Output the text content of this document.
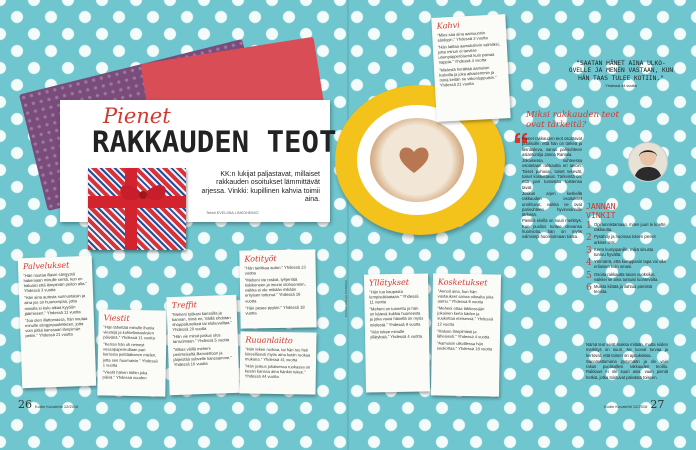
Kahvi

"Mies saa aina aamuunnin sänkyyn." Yhdessä 3 vuotta

"Hän laittaa aamukahvin valmiiksi, jotta minun ei tarvitse unenpöpperöisenä kuin painaa nappia." Yhdessä 4 vuotta

"Mielestä herättää aamuisin kahvilla ja joka aikaisemmin ja minä keitän ne viikonloppuisin." Yhdessä 21 vuotta

Pienet
RAKKAUDEN TEOT
KK:n lukijat paljastavat, millaiset rakkauden osoitukset lämmittävät arjessa. Vinkki: kupillinen kahvia toimii aina.
Teksti EVELIINA LINKOHEIMO
KUVA KUVALEHTI/ANNIKA
Palvelukset

"Hän noutaa illasin sängystä hakemaan minulle sentä, kun en haluaisi että lämpimän peiton alta." Yhdessä 3 vuotta

"Hän aina autosta sunnuntaisin ja aina jos on huonompaa, jotta minulla ei kulu aikaa kyyöön jäämiseen." Yhdessä 11 vuotta

"Joa olen illattomassa, hän noutaa minulle sängynpuolekkeen, jotta voin pitää kanssaan lämpimän petiin." Yhdessä 21 vuotta

Viestit

"Hän lähettää minulle ihania viestejä ja kohteliaisuuksien päivänä." Yhdessä 11 vuotta

"Kerran hän oli neinnyt vessapaperirullaan pari kerrosta peittääkseen mielen, jotta sen huomaisin." Yhdessä 1 vuotta

"Viestit hänen töihin joka päivä." Yhdessä vuoden

Treffit

"Meheni työkasi kanssilla ja kannan, minä en, Väillä ehdotan shoppailuretkeä tai elokuvailtaa." Yhdessä 20 vuotta

"Hän vie minut joskus ulos tanssimaan." Yhdessä 5 vuotta

"Vilkas väillä meheni perinteiseltä illanviettoon ja järjeistää subvelle kanssamme." Yhdessä 10 vuotta

Kotityöt

"Hän tankkaa auton." Yhdessä 23 vuotta

"Meheni vie roskat, tyhjentää tiskikoneen ja imuroi olohuoneen, vaikka ei ole mikään mikään erityisen tottunut." Yhdessä 16 vuotta

"Hän pesee pyykin." Yhdessä 18 vuotta

Ruuanlaitto

"Hän tekee ruokaa, tai hän tuo heti kiireellisesti myös aina kotiin ruokaa mukana." Yhdessä 41 vuotta

"Hän joskus jokaisessa ruokassa on kesän kanssa aina hänkin tekee." Yhdessä 44 vuotta

Yllätykset

"Hän tuo kaupasta lempisuklaataan." Yhdessä 11 vuotta

"Meheni on tunnettu ja hän on kätevä kukkia huoneesta ja joka vuosi hänellä on myös mielestä." Yhdessä 9 vuotta

"Hän tekee minulle yllätyksiä." Yhdessä 4 vuotta

Kosketukset

"Annoit aina, kun hän vastaukset sanoa oikealta joka aamu." Yhdessä 6 vuotta

"Meheni ottaa lähtiessään jokainen kerta käden ja suukottaa eteisessä." Yhdessä 12 vuotta

"Haluun lämpimästi ja läheisesti." Yhdessä 4 vuotta

"Aamuisin ulkoillessa hän suukottaa." Yhdessä 18 vuotta

"SAATAN HÄNET AINA ULKO-OVELLE JA MENEN VASTAAN, KUN HÄN TAAS TULEE KOTIIN."
Yhdessä 44 vuotta
Miksi rakkauden teot ovat tärkeitä?

Pienet rakkauden teot osoittavat puolisolle, että hän on tärkeä ja läsnäoleva, sanoo parisuhteen asiantuntija Janna Rantala.

Jokaisessa suhteessa osoitetaan rakkautta eri tavoin. Toiset puhuvat, toiset tekevät, toiset koskettavat. Tärkeintä on, että pari tunnistaa toistensa tavat.

Joskus arjen keskellä rakkauden osoitukset unohtuvat, vaikka ne ovat parisuhteen hyvinvoinnille tärkeitä.

Pienillä eleillä on suuri merkitys. Kun puoliso tuntee olevansa huomioitu, hän on myös valmiimpi huomioimaan toista.

Nämä teot eivät maksa mitään, mutta niiden merkitys on suuri. Ne luovat turvaa ja kertovat, että toinen on ajatuksissa.

Sanomattomana pysymään ja ole vain rakas puolisollesi rakkauden teoilla. Rakkaus ei ole suuri asia, vaan pieniä hetkiä, jotka toistuvat päivästä toiseen.

JANNAN VINKIT
1 Opi tunnistamaan, miten juuri te koette rakkautta.
2 Pysähdy ja huomaa toisen pienet arkiset teot.
3 Kerro kumppanille, mikä sinusta tuntuu hyvältä.
4 Ymmärrä, että kumppanin tapa voi olla erilainen kuin omasi.
5 Osoita rakkautta tavan vuoksikin, vaikkei se aina tuntuisi luontevalta.
6 Muista kiittää ja ilahtua pienistä teoista.
26 Kodin Kuvalehti 12/2016	Kodin Kuvalehti 12/2016 27
